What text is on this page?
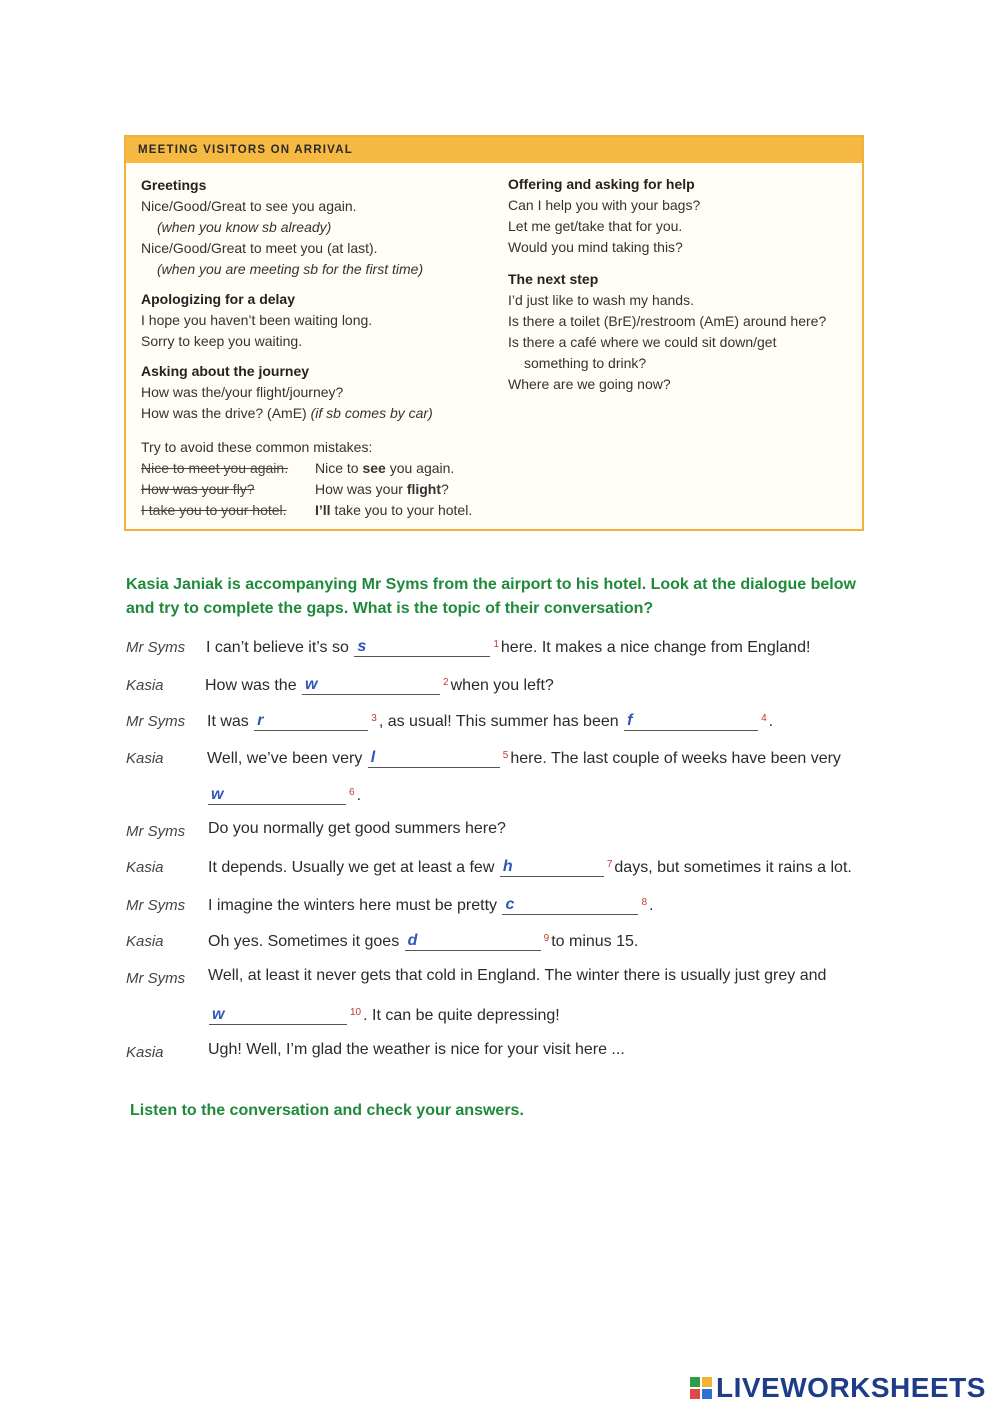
MEETING VISITORS ON ARRIVAL
Greetings
Nice/Good/Great to see you again.
(when you know sb already)
Nice/Good/Great to meet you (at last).
(when you are meeting sb for the first time)
Apologizing for a delay
I hope you haven’t been waiting long.
Sorry to keep you waiting.
Asking about the journey
How was the/your flight/journey?
How was the drive? (AmE) (if sb comes by car)
Try to avoid these common mistakes:
Nice to meet you again.	Nice to see you again.
How was your fly?	How was your flight?
I take you to your hotel.	I’ll take you to your hotel.
Offering and asking for help
Can I help you with your bags?
Let me get/take that for you.
Would you mind taking this?
The next step
I’d just like to wash my hands.
Is there a toilet (BrE)/restroom (AmE) around here?
Is there a café where we could sit down/get
something to drink?
Where are we going now?
Kasia Janiak is accompanying Mr Syms from the airport to his hotel. Look at the dialogue below and try to complete the gaps. What is the topic of their conversation?
Mr Syms I can’t believe it’s so
s	1 here. It makes a nice change from England!
Kasia	How was the
w	2 when you left?
Mr Syms It was
r	3 , as usual! This summer has been
f	4 .
Kasia	Well, we’ve been very
l	5 here. The last couple of weeks have been very
w	6 .
Mr Syms Do you normally get good summers here?
Kasia	It depends. Usually we get at least a few
h	7 days, but sometimes it rains a lot.
Mr Syms I imagine the winters here must be pretty
c	8 .
Kasia	Oh yes. Sometimes it goes
d	9 to minus 15.
Mr Syms Well, at least it never gets that cold in England. The winter there is usually just grey and
w	10 . It can be quite depressing!
Kasia	Ugh! Well, I’m glad the weather is nice for your visit here ...
Listen to the conversation and check your answers.
LIVEWORKSHEETS
